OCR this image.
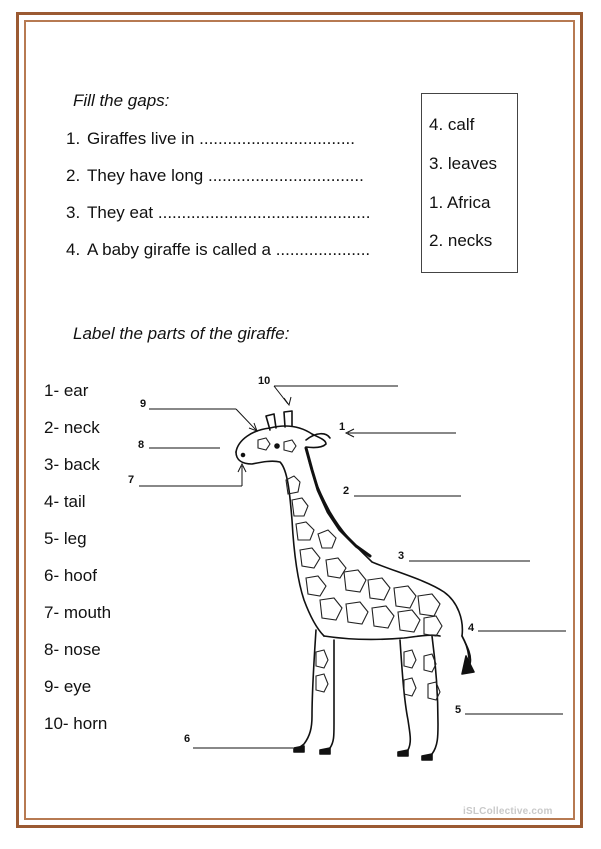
Fill the gaps:
1. Giraffes live in .................................
2. They have long .................................
3. They eat .............................................
4. A baby giraffe is called a ....................
4. calf
3. leaves
1. Africa
2. necks
Label the parts of the giraffe:
1- ear
2- neck
3- back
4- tail
5- leg
6- hoof
7- mouth
8- nose
9- eye
10- horn
10
9
8
7
1
2
3
4
5
6
iSLCollective.com
